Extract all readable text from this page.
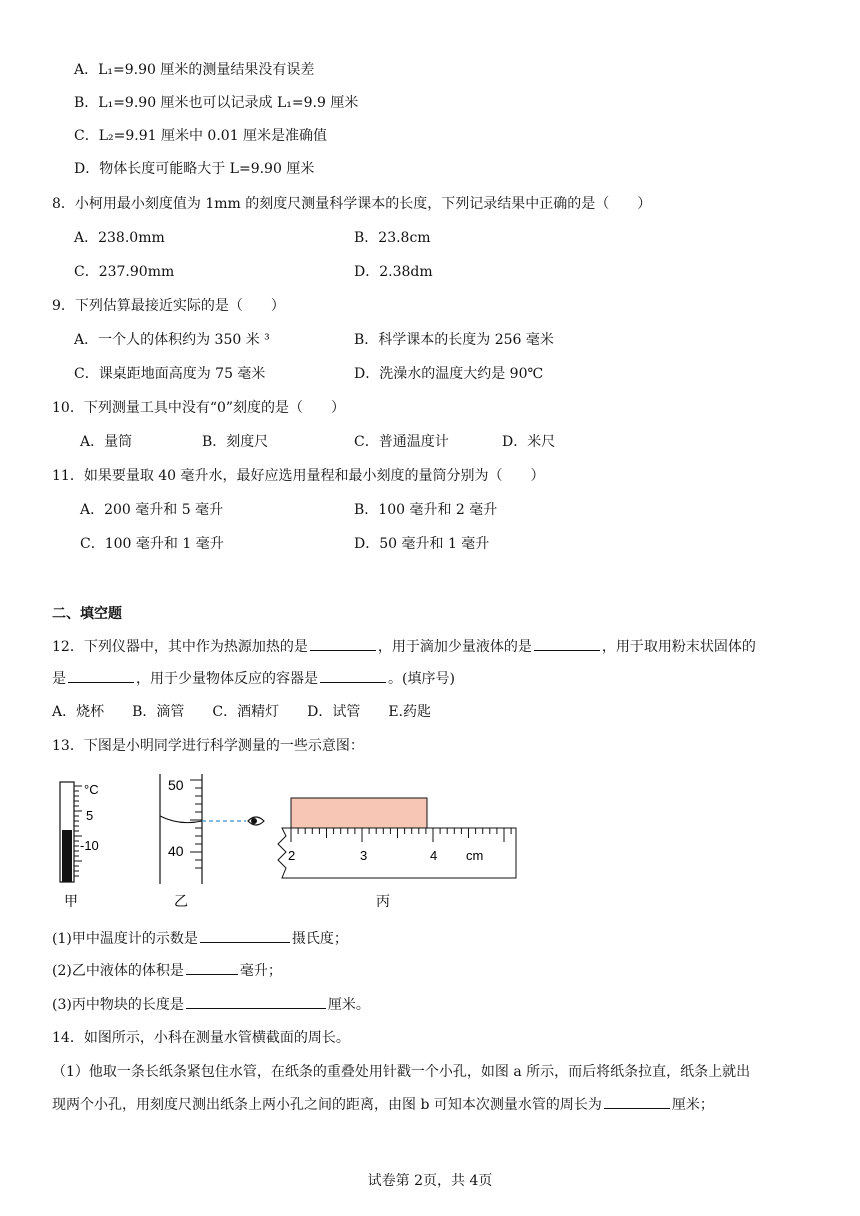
A．L₁=9.90 厘米的测量结果没有误差
B．L₁=9.90 厘米也可以记录成 L₁=9.9 厘米
C．L₂=9.91 厘米中 0.01 厘米是准确值
D．物体长度可能略大于 L=9.90 厘米
8．小柯用最小刻度值为 1mm 的刻度尺测量科学课本的长度，下列记录结果中正确的是（　　）
A．238.0mm	B．23.8cm
C．237.90mm	D．2.38dm
9．下列估算最接近实际的是（　　）
A．一个人的体积约为 350 米 ³	B．科学课本的长度为 256 毫米
C．课桌距地面高度为 75 毫米	D．洗澡水的温度大约是 90℃
10．下列测量工具中没有“0”刻度的是（　　）
A．量筒	B．刻度尺	C．普通温度计	D．米尺
11．如果要量取 40 毫升水，最好应选用量程和最小刻度的量筒分别为（　　）
A．200 毫升和 5 毫升	B．100 毫升和 2 毫升
C．100 毫升和 1 毫升	D．50 毫升和 1 毫升
二、填空题
12．下列仪器中，其中作为热源加热的是	，用于滴加少量液体的是	，用于取用粉末状固体的
是	，用于少量物体反应的容器是	。(填序号)
A．烧杯　　B．滴管　　C．酒精灯　　D．试管　　E.药匙
13．下图是小明同学进行科学测量的一些示意图：
°C
5
-10
50
40	2	3	4 cm
甲	乙	丙
(1)甲中温度计的示数是	摄氏度；
(2)乙中液体的体积是	毫升；
(3)丙中物块的长度是	厘米。
14．如图所示，小科在测量水管横截面的周长。
（1）他取一条长纸条紧包住水管，在纸条的重叠处用针戳一个小孔，如图 a 所示，而后将纸条拉直，纸条上就出
现两个小孔，用刻度尺测出纸条上两小孔之间的距离，由图 b 可知本次测量水管的周长为	厘米；
试卷第 2页，共 4页
